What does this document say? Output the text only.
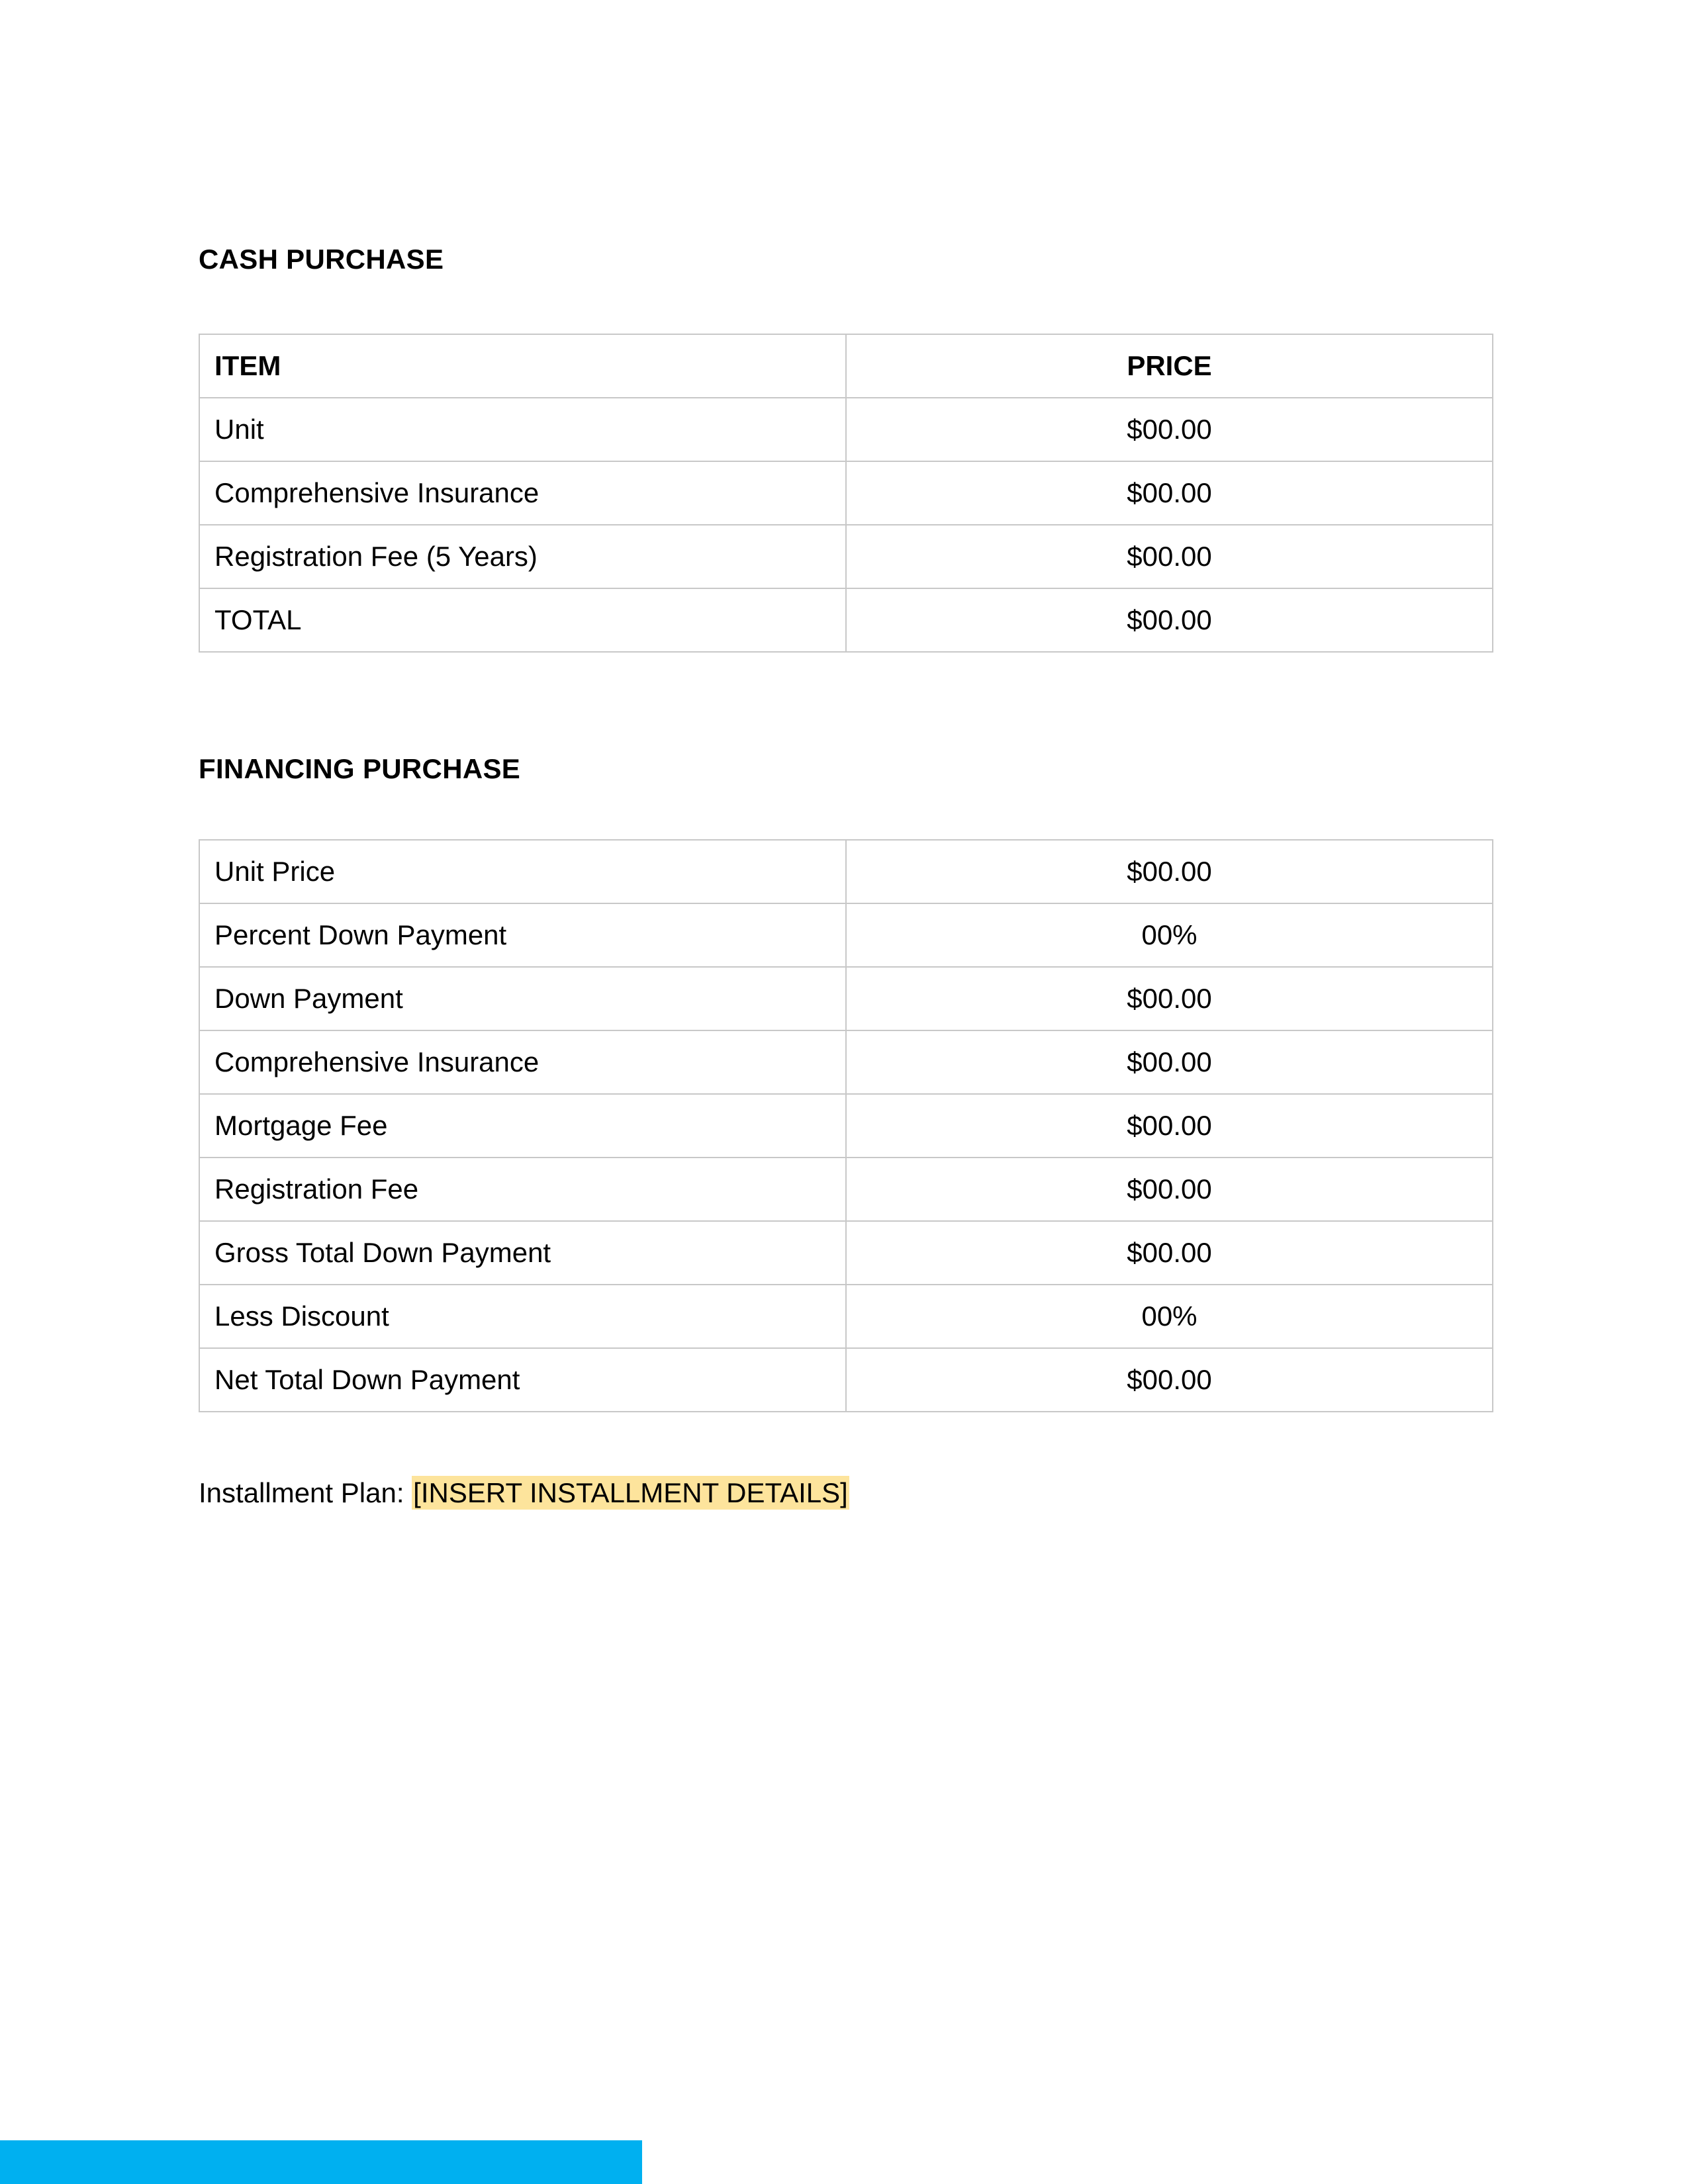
CASH PURCHASE
ITEM	PRICE
Unit	$00.00
Comprehensive Insurance	$00.00
Registration Fee (5 Years)	$00.00
TOTAL	$00.00
FINANCING PURCHASE
Unit Price	$00.00
Percent Down Payment	00%
Down Payment	$00.00
Comprehensive Insurance	$00.00
Mortgage Fee	$00.00
Registration Fee	$00.00
Gross Total Down Payment	$00.00
Less Discount	00%
Net Total Down Payment	$00.00

Installment Plan: [INSERT INSTALLMENT DETAILS]
